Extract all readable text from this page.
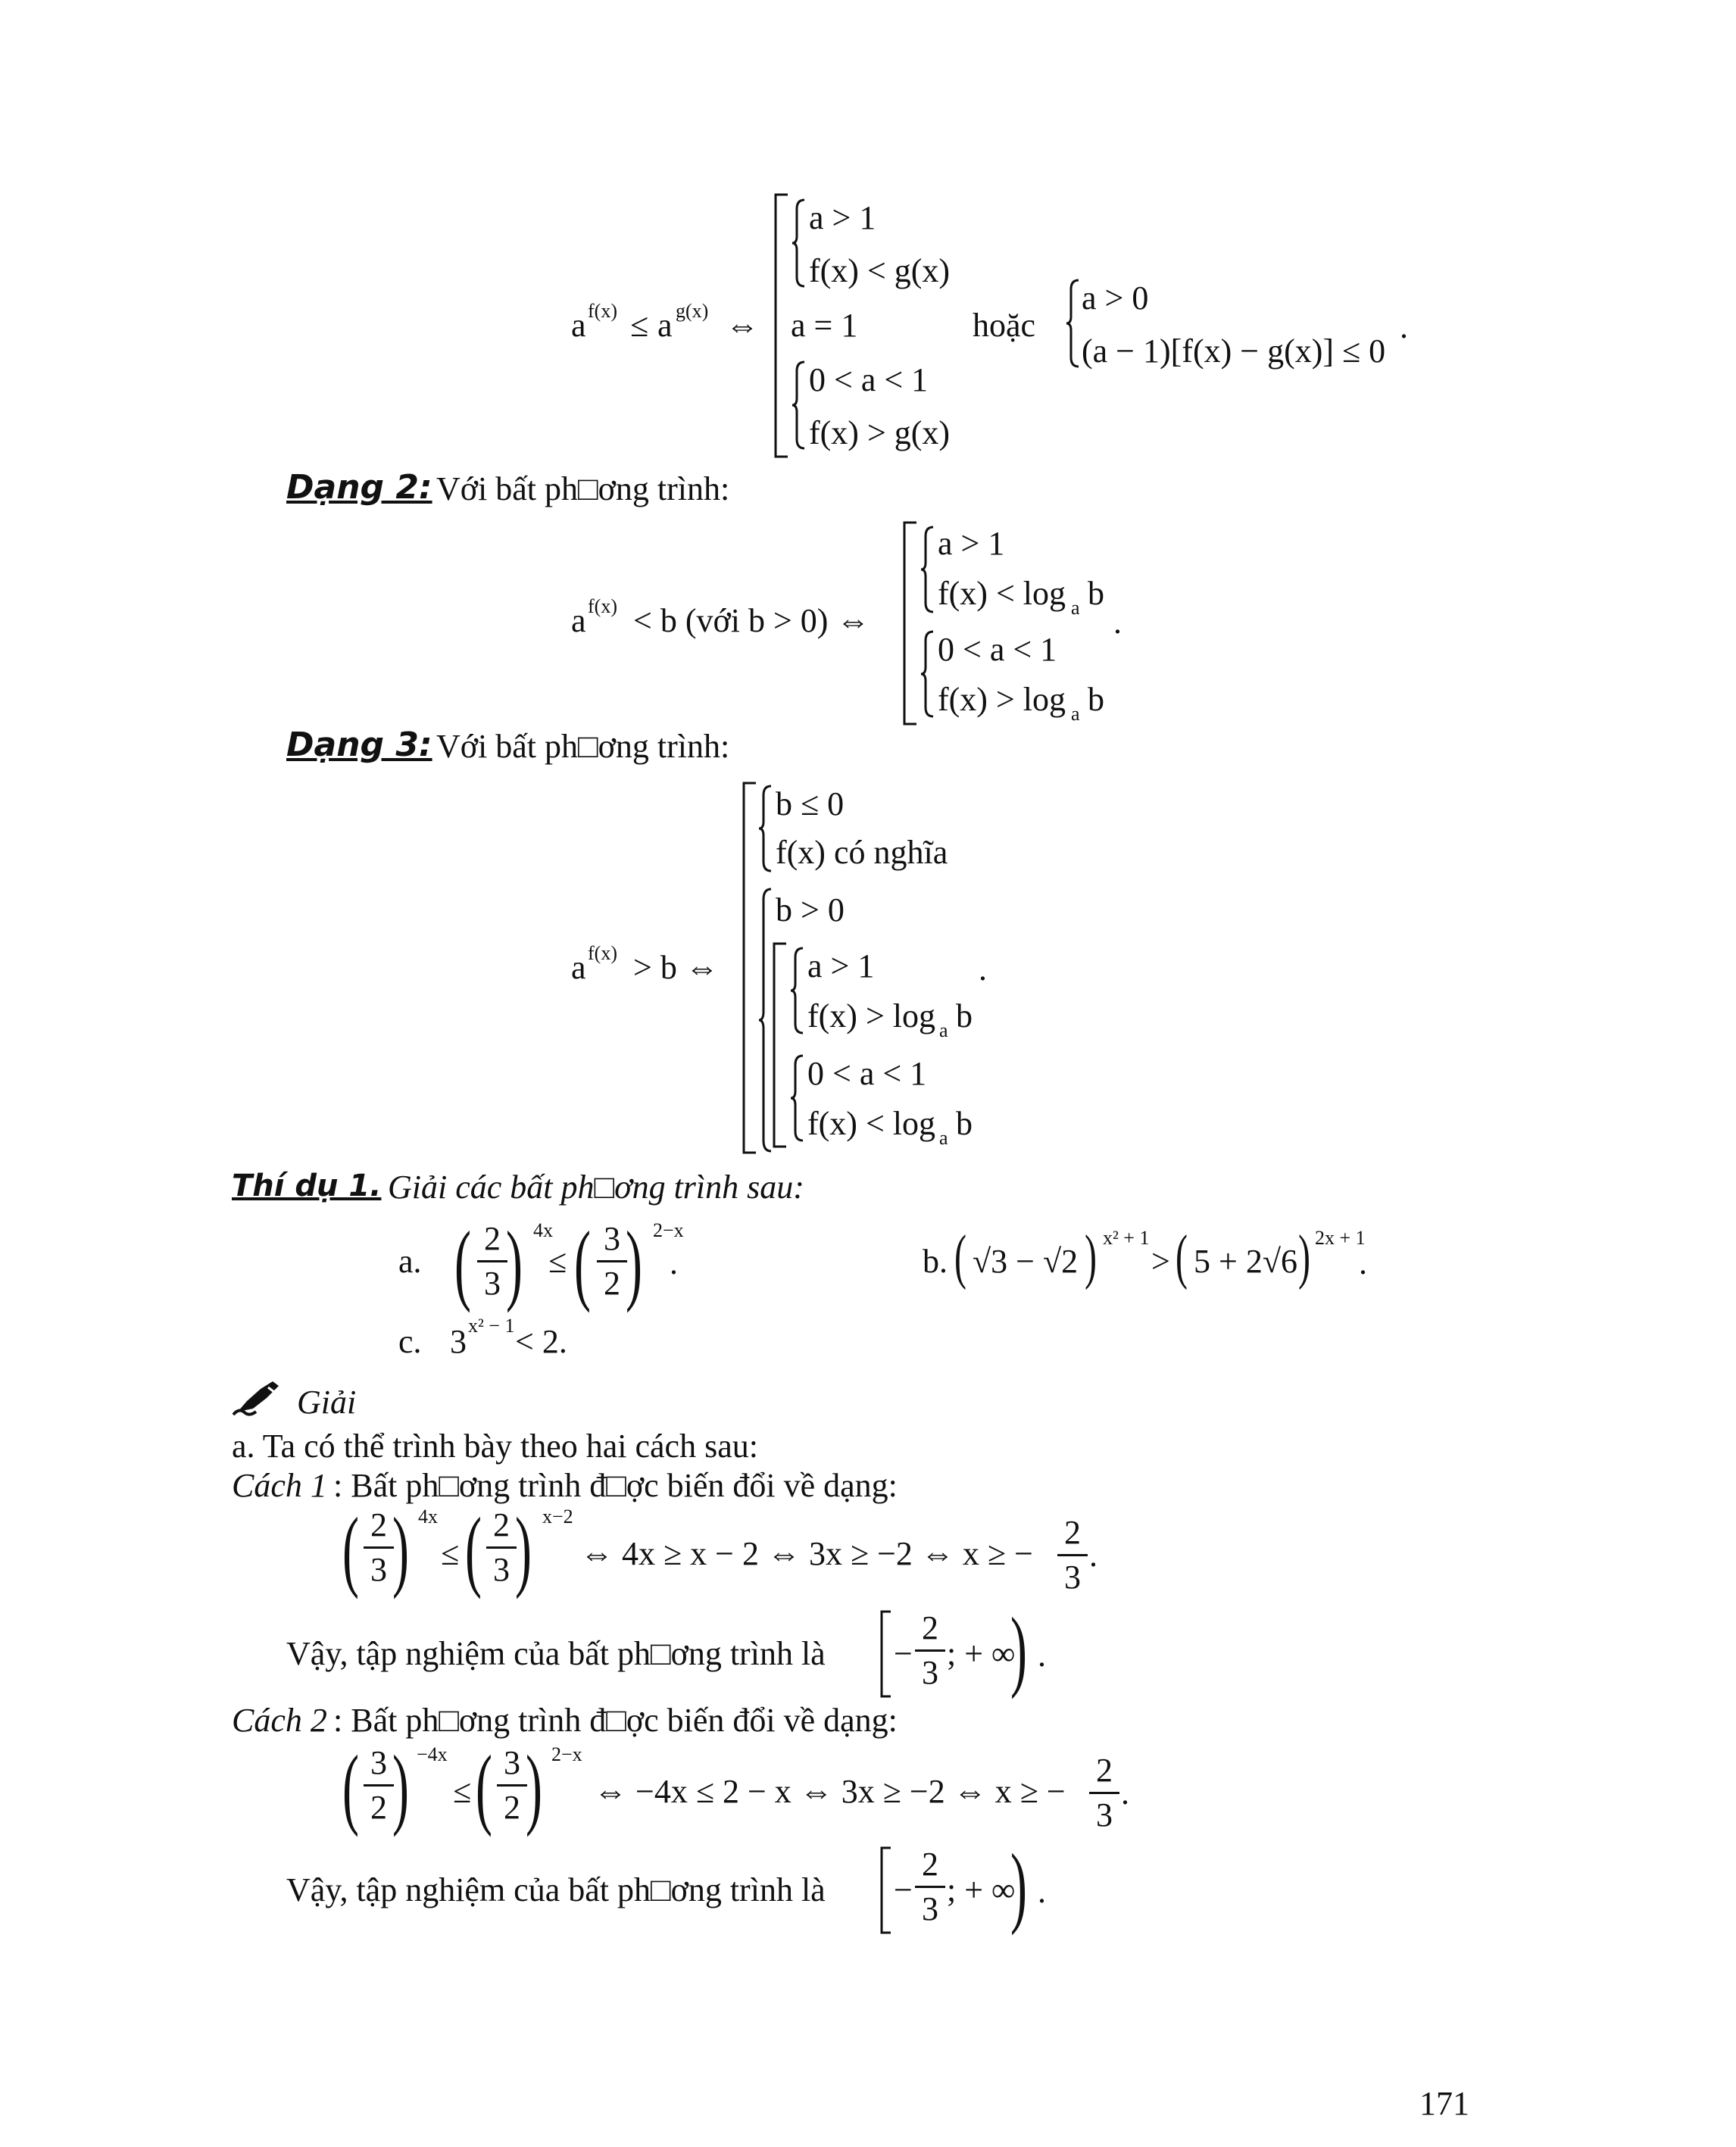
a f(x) ≤ a g(x) ⇔
a > 1
f(x) < g(x)
a = 1
0 < a < 1
f(x) > g(x)
hoặc
a > 0
(a − 1)[f(x) − g(x)] ≤ 0
.
Dạng 2: Với bất ph□ơng trình:
a f(x) < b (với b > 0) ⇔
a > 1
f(x) < log a b
0 < a < 1
f(x) > log a b
.
Dạng 3: Với bất ph□ơng trình:
a f(x) > b ⇔
b ≤ 0
f(x) có nghĩa
b > 0
a > 1
f(x) > log a b
0 < a < 1
f(x) < log a b
.
Thí dụ 1. Giải các bất ph□ơng trình sau:
a. ( 2
3 ) 4x
≤ ( 3
2 ) 2−x
.	b. ( √3 − √2 ) x² + 1
> ( 5 + 2√6 ) 2x + 1
.
c. 3 x² − 1 < 2.
Giải
a. Ta có thể trình bày theo hai cách sau:
Cách 1 : Bất ph□ơng trình đ□ợc biến đổi về dạng:
( 2
3 ) 4x
≤ ( 2
3 ) x−2
⇔ 4x ≥ x − 2 ⇔ 3x ≥ −2 ⇔ x ≥ −
2
3
.
Vậy, tập nghiệm của bất ph□ơng trình là −
2
3
; + ∞
) .
Cách 2 : Bất ph□ơng trình đ□ợc biến đổi về dạng:
( 3
2 ) −4x
≤ ( 3
2 ) 2−x
⇔ −4x ≤ 2 − x ⇔ 3x ≥ −2 ⇔ x ≥ −
2
3
.
Vậy, tập nghiệm của bất ph□ơng trình là −
2
3
; + ∞
) .
171
